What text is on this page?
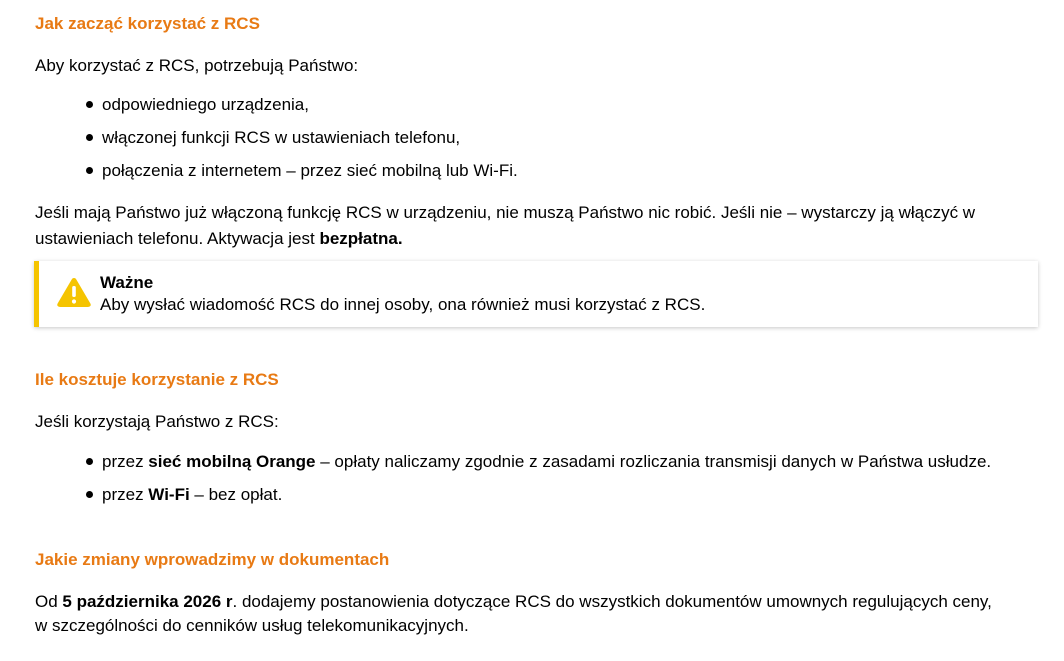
Jak zacząć korzystać z RCS
Aby korzystać z RCS, potrzebują Państwo:
odpowiedniego urządzenia,
włączonej funkcji RCS w ustawieniach telefonu,
połączenia z internetem – przez sieć mobilną lub Wi-Fi.
Jeśli mają Państwo już włączoną funkcję RCS w urządzeniu, nie muszą Państwo nic robić. Jeśli nie – wystarczy ją włączyć w
ustawieniach telefonu. Aktywacja jest bezpłatna.
Ważne
Aby wysłać wiadomość RCS do innej osoby, ona również musi korzystać z RCS.
Ile kosztuje korzystanie z RCS
Jeśli korzystają Państwo z RCS:
przez sieć mobilną Orange – opłaty naliczamy zgodnie z zasadami rozliczania transmisji danych w Państwa usłudze.
przez Wi-Fi – bez opłat.
Jakie zmiany wprowadzimy w dokumentach
Od 5 października 2026 r. dodajemy postanowienia dotyczące RCS do wszystkich dokumentów umownych regulujących ceny,
w szczególności do cenników usług telekomunikacyjnych.
